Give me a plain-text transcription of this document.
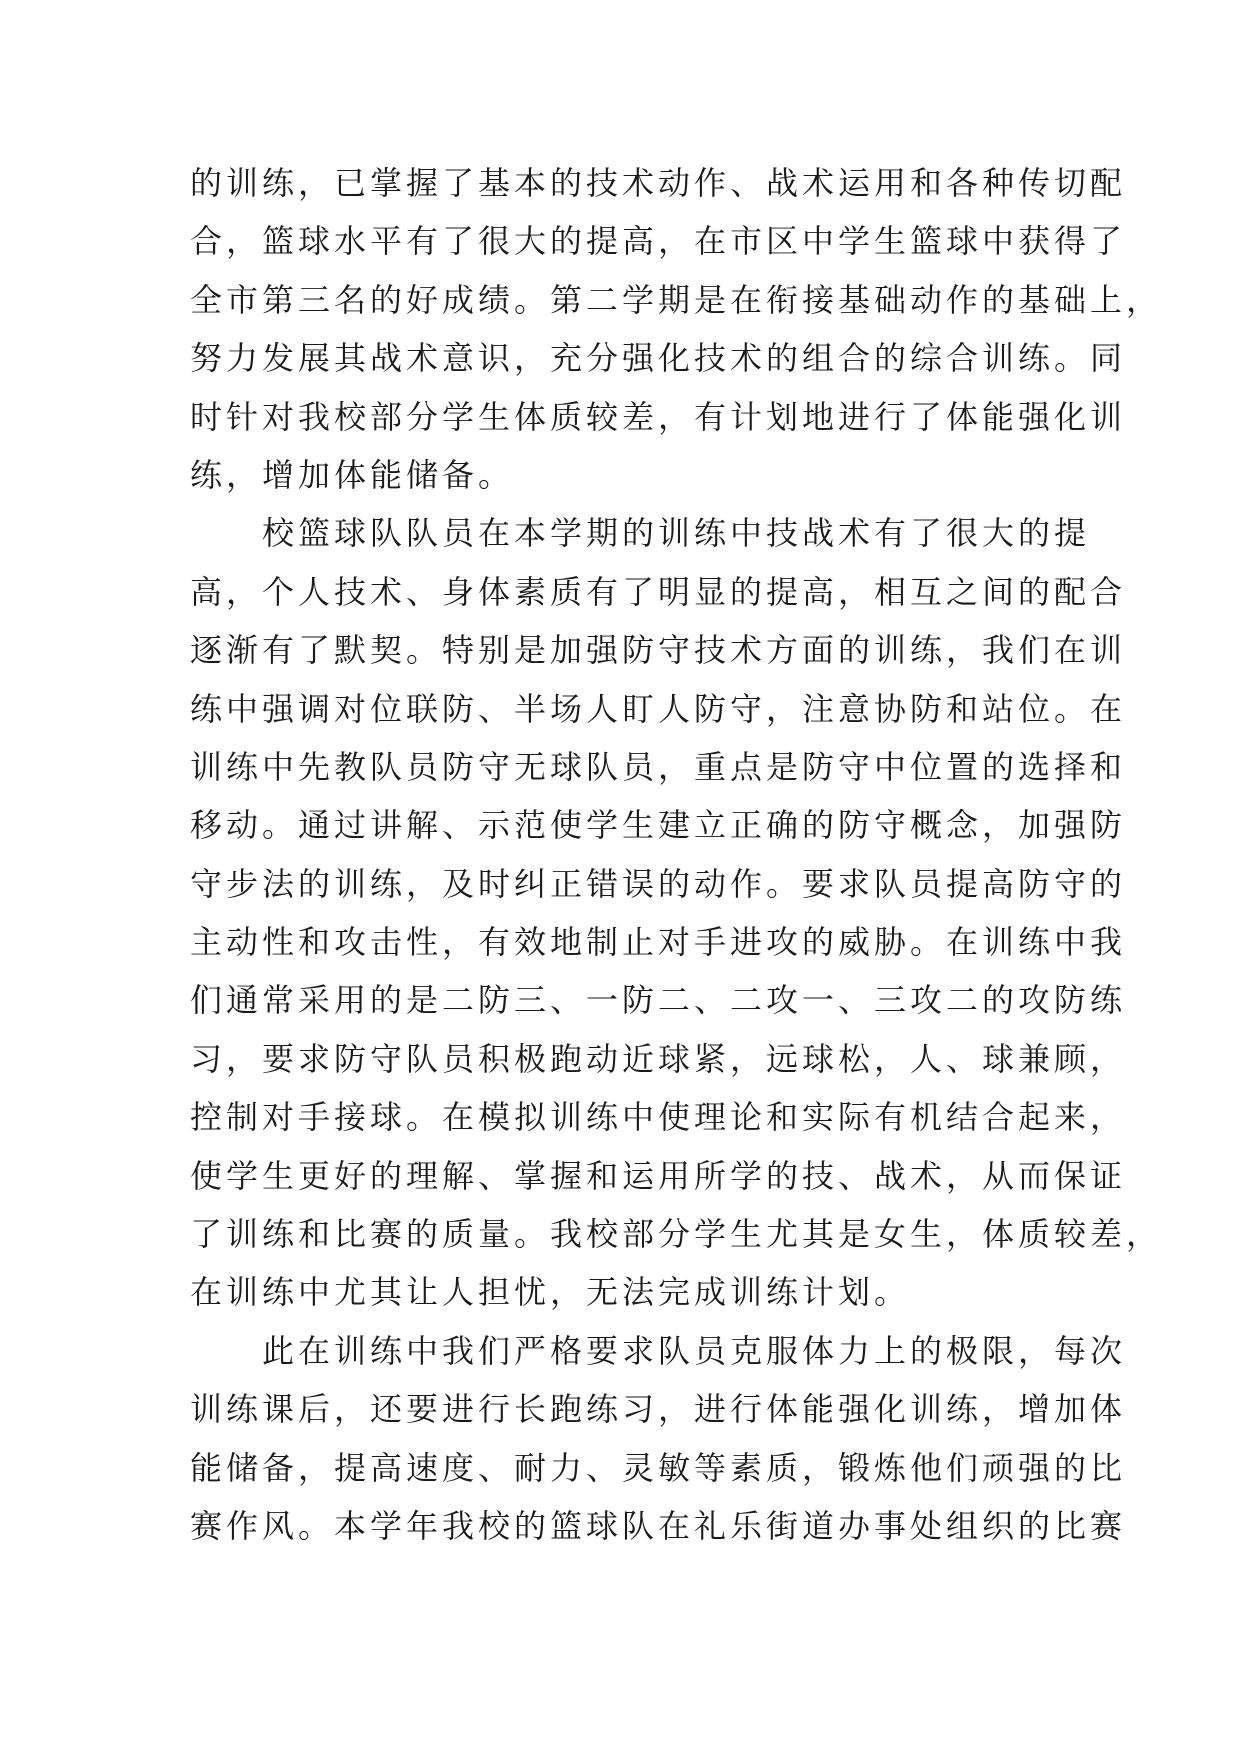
的训练，已掌握了基本的技术动作、战术运用和各种传切配
合，篮球水平有了很大的提高，在市区中学生篮球中获得了
全市第三名的好成绩。第二学期是在衔接基础动作的基础上，
努力发展其战术意识，充分强化技术的组合的综合训练。同
时针对我校部分学生体质较差，有计划地进行了体能强化训
练，增加体能储备。
　　校篮球队队员在本学期的训练中技战术有了很大的提
高，个人技术、身体素质有了明显的提高，相互之间的配合
逐渐有了默契。特别是加强防守技术方面的训练，我们在训
练中强调对位联防、半场人盯人防守，注意协防和站位。在
训练中先教队员防守无球队员，重点是防守中位置的选择和
移动。通过讲解、示范使学生建立正确的防守概念，加强防
守步法的训练，及时纠正错误的动作。要求队员提高防守的
主动性和攻击性，有效地制止对手进攻的威胁。在训练中我
们通常采用的是二防三、一防二、二攻一、三攻二的攻防练
习，要求防守队员积极跑动近球紧，远球松，人、球兼顾，
控制对手接球。在模拟训练中使理论和实际有机结合起来，
使学生更好的理解、掌握和运用所学的技、战术，从而保证
了训练和比赛的质量。我校部分学生尤其是女生，体质较差，
在训练中尤其让人担忧，无法完成训练计划。
　　此在训练中我们严格要求队员克服体力上的极限，每次
训练课后，还要进行长跑练习，进行体能强化训练，增加体
能储备，提高速度、耐力、灵敏等素质，锻炼他们顽强的比
赛作风。本学年我校的篮球队在礼乐街道办事处组织的比赛
